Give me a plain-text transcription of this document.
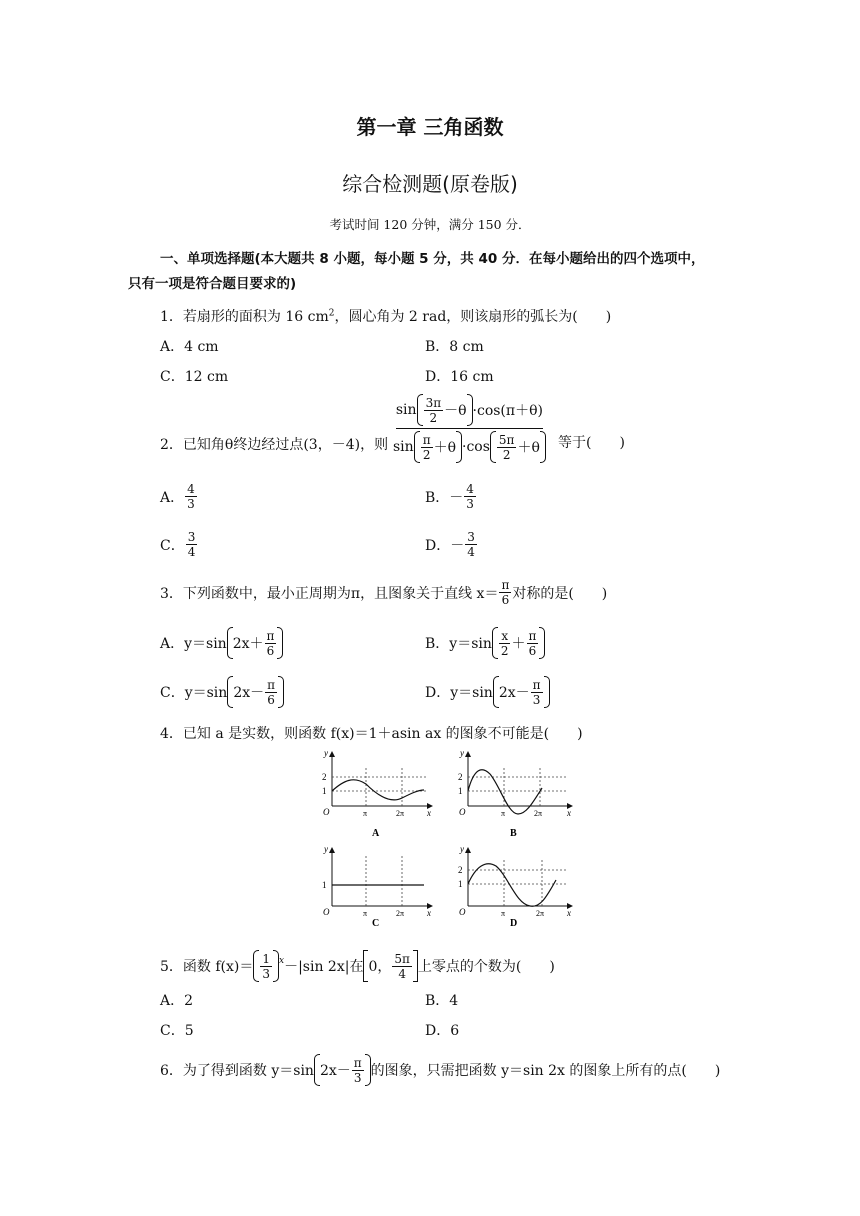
第一章 三角函数
综合检测题(原卷版)
考试时间 120 分钟，满分 150 分．
一、单项选择题(本大题共 8 小题，每小题 5 分，共 40 分．在每小题给出的四个选项中，
只有一项是符合题目要求的)
1．若扇形的面积为 16 $cm^2$，圆心角为 2 rad，则该扇形的弧长为(　　)
A．4 cm	B．8 cm
C．12 cm	D．16 cm
2．已知角θ终边经过点(3，－4)，则 $\frac{\sin \frac{3\pi}{2} -\theta \cdot\cos(\pi+\theta)}{\sin \frac{\pi}{2} +\theta \cdot\cos \frac{5\pi}{2} +\theta}$ 等于(　　)
A． $\frac{4}{3}$	B．－ $\frac{4}{3}$
C． $\frac{3}{4}$	D．－ $\frac{3}{4}$
3．下列函数中，最小正周期为π，且图象关于直线 $x= \frac{\pi}{6}$ 对称的是(　　)
A．y＝sin $2x+ \frac{\pi}{6}$	B．$y=\sin \frac{x}{2} + \frac{\pi}{6}$
C．y＝sin $2x- \frac{\pi}{6}$	D．y＝sin $2x- \frac{\pi}{3}$
4．已知 a 是实数，则函数 f(x)＝1＋asin ax 的图象不可能是(　　)
y
x
O
2
1
π	2π
A
y
x
O
2
1
π	2π
B
y
x
O
1
π	2π
C
y
x
O
2
1
π	2π
D
5．函数 $f(x)= \frac{1}{3} ^x -|\sin$ 2x|在 0， $\frac{5\pi}{4}$ 上零点的个数为(　　)
A．2	B．4
C．5	D．6
6．为了得到函数 y＝sin $2x- \frac{\pi}{3}$ 的图象，只需把函数 y＝sin 2x 的图象上所有的点(　　)
